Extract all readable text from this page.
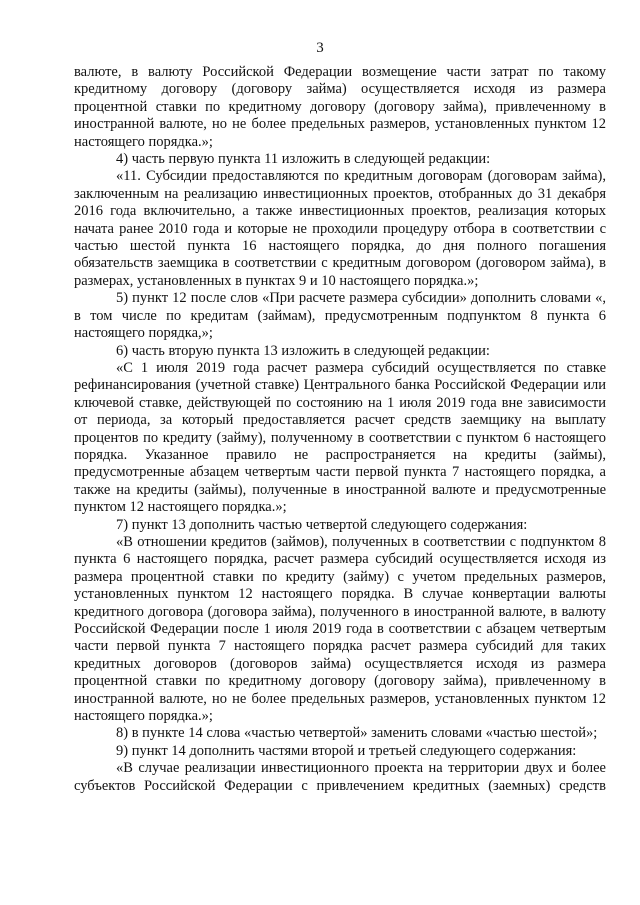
3

валюте, в валюту Российской Федерации возмещение части затрат по такому кредитному договору (договору займа) осуществляется исходя из размера процентной ставки по кредитному договору (договору займа), привлеченному в иностранной валюте, но не более предельных размеров, установленных пунктом 12 настоящего порядка.»;

4) часть первую пункта 11 изложить в следующей редакции:

«11. Субсидии предоставляются по кредитным договорам (договорам займа), заключенным на реализацию инвестиционных проектов, отобранных до 31 декабря 2016 года включительно, а также инвестиционных проектов, реализация которых начата ранее 2010 года и которые не проходили процедуру отбора в соответствии с частью шестой пункта 16 настоящего порядка, до дня полного погашения обязательств заемщика в соответствии с кредитным договором (договором займа), в размерах, установленных в пунктах 9 и 10 настоящего порядка.»;

5) пункт 12 после слов «При расчете размера субсидии» дополнить словами «, в том числе по кредитам (займам), предусмотренным подпунктом 8 пункта 6 настоящего порядка,»;

6) часть вторую пункта 13 изложить в следующей редакции:

«С 1 июля 2019 года расчет размера субсидий осуществляется по ставке рефинансирования (учетной ставке) Центрального банка Российской Федерации или ключевой ставке, действующей по состоянию на 1 июля 2019 года вне зависимости от периода, за который предоставляется расчет средств заемщику на выплату процентов по кредиту (займу), полученному в соответствии с пунктом 6 настоящего порядка. Указанное правило не распространяется на кредиты (займы), предусмотренные абзацем четвертым части первой пункта 7 настоящего порядка, а также на кредиты (займы), полученные в иностранной валюте и предусмотренные пунктом 12 настоящего порядка.»;

7) пункт 13 дополнить частью четвертой следующего содержания:

«В отношении кредитов (займов), полученных в соответствии с подпунктом 8 пункта 6 настоящего порядка, расчет размера субсидий осуществляется исходя из размера процентной ставки по кредиту (займу) с учетом предельных размеров, установленных пунктом 12 настоящего порядка. В случае конвертации валюты кредитного договора (договора займа), полученного в иностранной валюте, в валюту Российской Федерации после 1 июля 2019 года в соответствии с абзацем четвертым части первой пункта 7 настоящего порядка расчет размера субсидий для таких кредитных договоров (договоров займа) осуществляется исходя из размера процентной ставки по кредитному договору (договору займа), привлеченному в иностранной валюте, но не более предельных размеров, установленных пунктом 12 настоящего порядка.»;

8) в пункте 14 слова «частью четвертой» заменить словами «частью шестой»;

9) пункт 14 дополнить частями второй и третьей следующего содержания:

«В случае реализации инвестиционного проекта на территории двух и более субъектов Российской Федерации с привлечением кредитных (заемных) средств
